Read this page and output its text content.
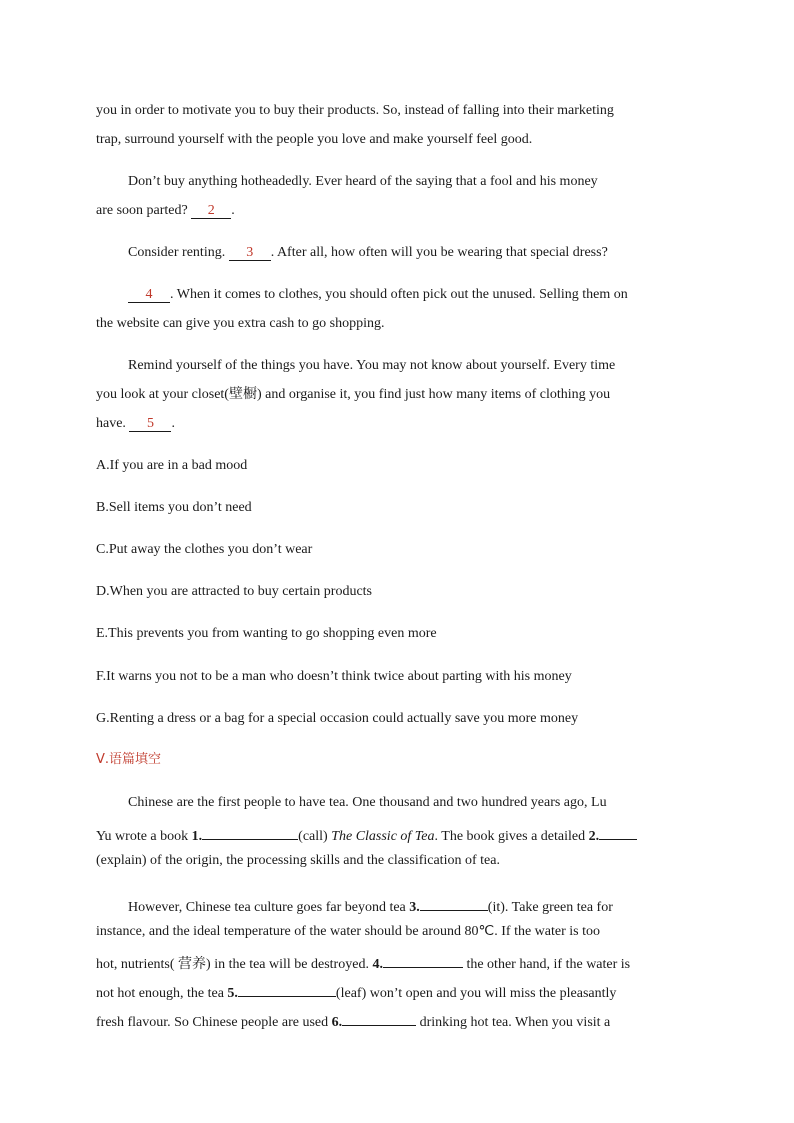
you in order to motivate you to buy their products. So, instead of falling into their marketing
trap, surround yourself with the people you love and make yourself feel good.
Don’t buy anything hotheadedly. Ever heard of the saying that a fool and his money
are soon parted? 2 .
Consider renting. 3 . After all, how often will you be wearing that special dress?
4 . When it comes to clothes, you should often pick out the unused. Selling them on
the website can give you extra cash to go shopping.
Remind yourself of the things you have. You may not know about yourself. Every time
you look at your closet(壁橱) and organise it, you find just how many items of clothing you
have. 5 .
A.If you are in a bad mood
B.Sell items you don’t need
C.Put away the clothes you don’t wear
D.When you are attracted to buy certain products
E.This prevents you from wanting to go shopping even more
F.It warns you not to be a man who doesn’t think twice about parting with his money
G.Renting a dress or a bag for a special occasion could actually save you more money
Ⅴ.语篇填空
Chinese are the first people to have tea. One thousand and two hundred years ago, Lu
Yu wrote a book 1.	(call) The Classic of Tea. The book gives a detailed 2.
(explain) of the origin, the processing skills and the classification of tea.
However, Chinese tea culture goes far beyond tea 3.	(it). Take green tea for
instance, and the ideal temperature of the water should be around 80℃. If the water is too
hot, nutrients( 营养) in the tea will be destroyed. 4.	the other hand, if the water is
not hot enough, the tea 5.	(leaf) won’t open and you will miss the pleasantly
fresh flavour. So Chinese people are used 6.	drinking hot tea. When you visit a
